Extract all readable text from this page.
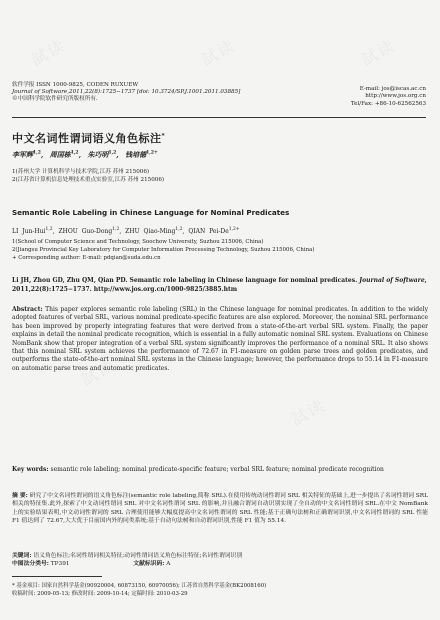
試读	試读	試读
試读
試读
软件学报 ISSN 1000-9825, CODEN RUXUEW
Journal of Software,2011,22(8):1725−1737 [doi: 10.3724/SP.J.1001.2011.03885]
©中国科学院软件研究所版权所有.
E-mail: jos@iscas.ac.cn
http://www.jos.org.cn
Tel/Fax: +86-10-62562563
中文名词性谓词语义角色标注*
李军辉$^{1,2}$, 周国栋$^{1,2}$, 朱巧明$^{1,2}$, 钱培德$^{1,2+}$
1(苏州大学 计算机科学与技术学院,江苏 苏州 215006)
2(江苏省计算机信息处理技术重点实验室,江苏 苏州 215006)
Semantic Role Labeling in Chinese Language for Nominal Predicates
LI Jun-Hui$^{1,2}$, ZHOU Guo-Dong$^{1,2}$, ZHU Qiao-Ming$^{1,2}$, QIAN Pei-$De^{1,2+}$
1(School of Computer Science and Technology, Soochow University, Suzhou 215006, China)
2(Jiangsu Provincial Key Laboratory for Computer Information Processing Technology, Suzhou 215006, China)
+ Corresponding author: E-mail: pdqian@suda.edu.cn
Li JH, Zhou GD, Zhu QM, Qian PD. Semantic role labeling in Chinese language for nominal predicates. Journal of Software, 2011,22(8):1725−1737. http://www.jos.org.cn/1000-9825/3885.htm
Abstract: This paper explores semantic role labeling (SRL) in the Chinese language for nominal predicates. In addition to the widely adopted features of verbal SRL, various nominal predicate-specific features are also explored. Moreover, the nominal SRL performance has been improved by properly integrating features that were derived from a state-of-the-art verbal SRL system. Finally, the paper explains in detail the nominal predicate recognition, which is essential in a fully automatic nominal SRL system. Evaluations on Chinese NomBank show that proper integration of a verbal SRL system significantly improves the performance of a nominal SRL. It also shows that this nominal SRL system achieves the performance of 72.67 in F1-measure on golden parse trees and golden predicates, and outperforms the state-of-the-art nominal SRL systems in the Chinese language; however, the performance drops to 55.14 in F1-measure on automatic parse trees and automatic predicates.
Key words: semantic role labeling; nominal predicate-specific feature; verbal SRL feature; nominal predicate recognition
摘 要: 研究了中文名词性谓词的语义角色标注(semantic role labeling,简称 SRL).在使用传统动词性谓词 SRL 相关特征的基础上,进一步提出了名词性谓词 SRL 相关的特征集.此外,探索了中文动词性谓词 SRL 对中文名词性谓词 SRL 的影响,并且融合谓词自动识别实现了全自动的中文名词性谓词 SRL.在中文 NomBank 上的实验结果表明,中文动词性谓词的 SRL 合理使用能够大幅度提高中文名词性谓词的 SRL 性能;基于正确句法树和正确谓词识别,中文名词性谓词的 SRL 性能 F1 值达到了 72.67,大大优于目前国内外的同类系统;基于自动句法树和自动谓词识别,性能 F1 值为 55.14.
关键词: 语义角色标注;名词性谓词相关特征;动词性谓词语义角色标注特征;名词性谓词识别
中图法分类号: TP391	文献标识码: A
* 基金项目: 国家自然科学基金(90920004, 60873150, 60970056); 江苏省自然科学基金(BK2008160)
收稿时间: 2009-05-13; 修改时间: 2009-10-14; 定稿时间: 2010-03-29
